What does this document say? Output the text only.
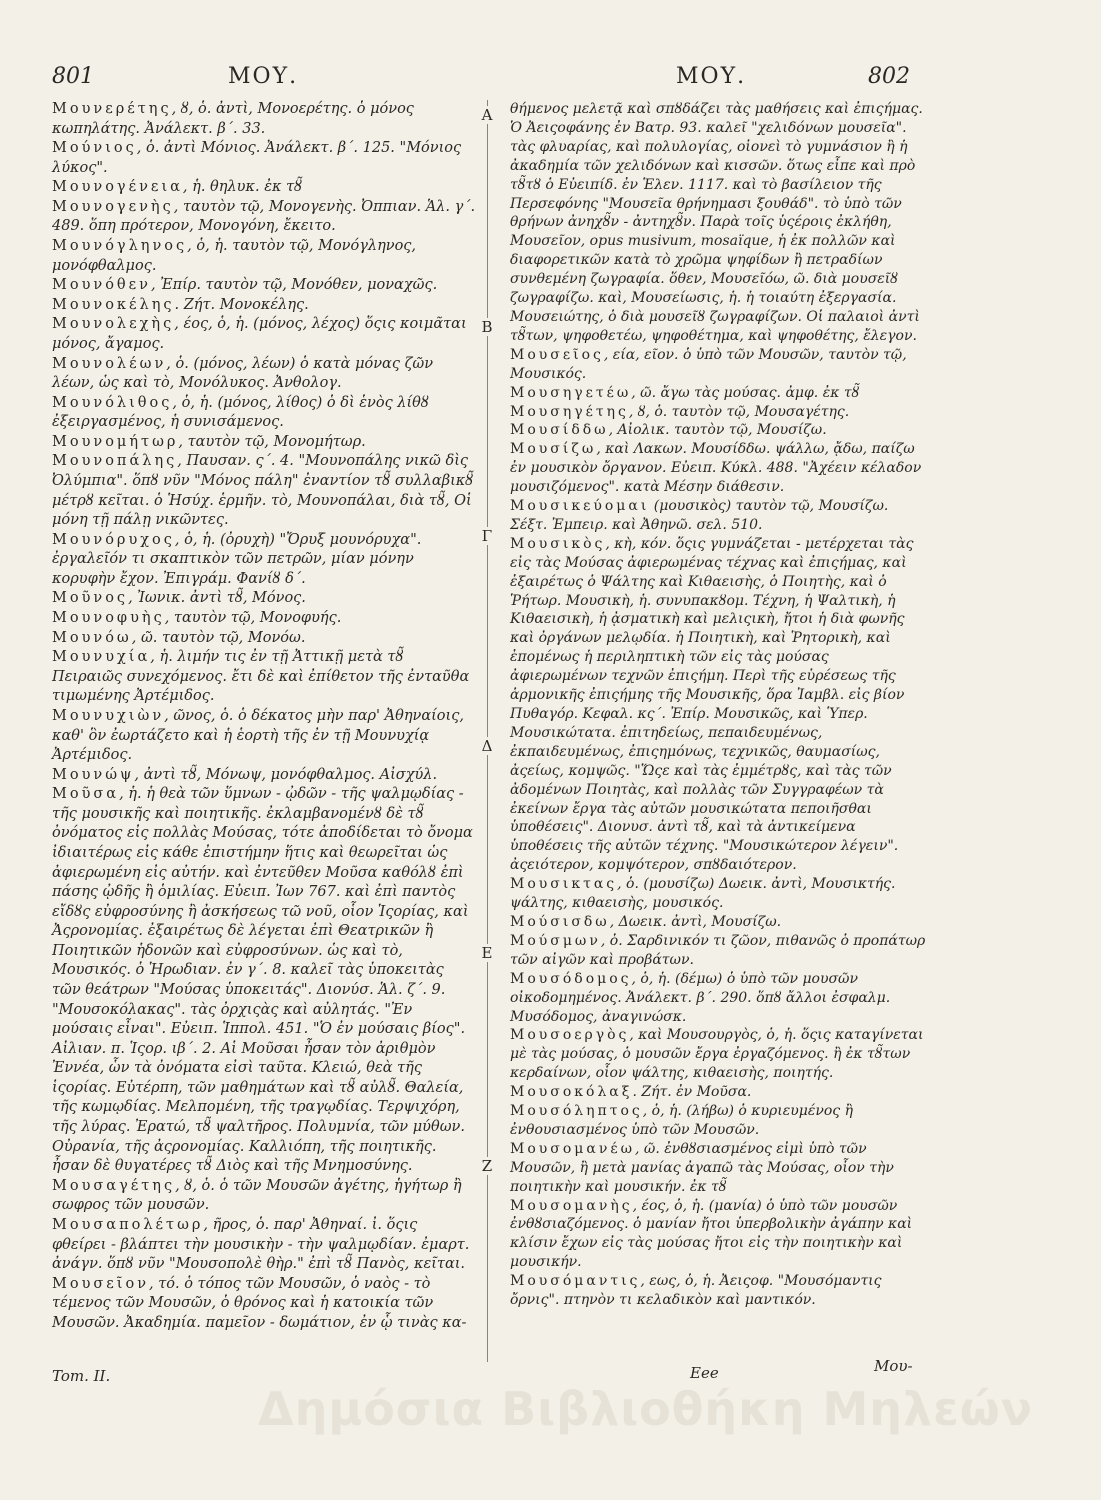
801	ΜΟΥ.	ΜΟΥ.	802

Μουνερέτης, ȣ, ὁ. ἀντὶ, Μονοερέτης. ὁ μόνος κωπηλάτης. Ἀνάλεκτ. β´. 33.

Μούνιος, ὁ. ἀντὶ Μόνιος. Ἀνάλεκτ. β´. 125. "Μόνιος λύκος".

Μουνογένεια, ἡ. θηλυκ. ἐκ τȣ̃

Μουνογενὴς, ταυτὸν τῷ, Μονογενὴς. Ὀππιαν. Ἁλ. γ´. 489. ὅπη πρότερον, Μονογόνη, ἔκειτο.

Μουνόγληνος, ὁ, ἡ. ταυτὸν τῷ, Μονόγληνος, μονόφθαλμος.

Μουνόθεν, Ἐπίρ. ταυτὸν τῷ, Μονόθεν, μοναχῶς.

Μουνοκέλης. Ζήτ. Μονοκέλης.

Μουνολεχὴς, έος, ὁ, ἡ. (μόνος, λέχος) ὅςις κοιμᾶται μόνος, ἄγαμος.

Μουνολέων, ὁ. (μόνος, λέων) ὁ κατὰ μόνας ζῶν λέων, ὡς καὶ τὸ, Μονόλυκος. Ἀνθολογ.

Μουνόλιθος, ὁ, ἡ. (μόνος, λίθος) ὁ δὶ ἑνὸς λίθȣ ἐξειργασμένος, ἡ συνισάμενος.

Μουνομήτωρ, ταυτὸν τῷ, Μονομήτωρ.

Μουνοπάλης, Παυσαν. ς´. 4. "Μουνοπάλης νικῶ δὶς Ὀλύμπια". ὅπȣ νῦν "Μόνος πάλη" ἐναντίον τȣ̃ συλλαβικȣ̃ μέτρȣ κεῖται. ὁ Ἡσύχ. ἑρμῆν. τὸ, Μουνοπάλαι, διὰ τȣ̃, Οἱ μόνη τῇ πάλῃ νικῶντες.

Μουνόρυχος, ὁ, ἡ. (ὀρυχὴ) "Ὄρυξ μουνόρυχα". ἐργαλεῖόν τι σκαπτικὸν τῶν πετρῶν, μίαν μόνην κορυφὴν ἔχον. Ἐπιγράμ. Φανίȣ δ´.

Μοῦνος, Ἰωνικ. ἀντὶ τȣ̃, Μόνος.

Μουνοφυὴς, ταυτὸν τῷ, Μονοφυής.

Μουνόω, ῶ. ταυτὸν τῷ, Μονόω.

Μουνυχία, ἡ. λιμήν τις ἐν τῇ Ἀττικῇ μετὰ τȣ̃ Πειραιῶς συνεχόμενος. ἔτι δὲ καὶ ἐπίθετον τῆς ἐνταῦθα τιμωμένης Ἀρτέμιδος.

Μουνυχιὼν, ῶνος, ὁ. ὁ δέκατος μὴν παρ' Ἀθηναίοις, καθ' ὃν ἐωρτάζετο καὶ ἡ ἑορτὴ τῆς ἐν τῇ Μουνυχίᾳ Ἀρτέμιδος.

Μουνώψ, ἀντὶ τȣ̃, Μόνωψ, μονόφθαλμος. Αἰσχύλ.

Μοῦσα, ἡ. ἡ θεὰ τῶν ὕμνων - ᾠδῶν - τῆς ψαλμῳδίας - τῆς μουσικῆς καὶ ποιητικῆς. ἐκλαμβανομένȣ δὲ τȣ̃ ὀνόματος εἰς πολλὰς Μούσας, τότε ἀποδίδεται τὸ ὄνομα ἰδιαιτέρως εἰς κάθε ἐπιστήμην ἥτις καὶ θεωρεῖται ὡς ἀφιερωμένη εἰς αὐτήν. καὶ ἐντεῦθεν Μοῦσα καθόλȣ ἐπὶ πάσης ᾠδῆς ἢ ὁμιλίας. Εὐειπ. Ἰων 767. καὶ ἐπὶ παντὸς εἴδȣς εὐφροσύνης ἢ ἀσκήσεως τῶ νοῦ, οἷον Ἱςορίας, καὶ Ἀςρονομίας. ἐξαιρέτως δὲ λέγεται ἐπὶ Θεατρικῶν ἢ Ποιητικῶν ἡδονῶν καὶ εὐφροσύνων. ὡς καὶ τὸ, Μουσικός. ὁ Ἡρωδιαν. ἐν γ´. 8. καλεῖ τὰς ὑποκειτὰς τῶν θεάτρων "Μούσας ὑποκειτάς". Διονύσ. Ἁλ. ζ´. 9. "Μουσοκόλακας". τὰς ὀρχιςὰς καὶ αὐλητάς. "Ἐν μούσαις εἶναι". Εὐειπ. Ἱππολ. 451. "Ὁ ἐν μούσαις βίος". Αἰλιαν. π. Ἱςορ. ιβ´. 2. Αἱ Μοῦσαι ἦσαν τὸν ἀριθμὸν Ἐννέα, ὧν τὰ ὀνόματα εἰσὶ ταῦτα. Κλειώ, θεὰ τῆς ἱςορίας. Εὐτέρπη, τῶν μαθημάτων καὶ τȣ̃ αὐλȣ̃. Θαλεία, τῆς κωμῳδίας. Μελπομένη, τῆς τραγῳδίας. Τερψιχόρη, τῆς λύρας. Ἐρατώ, τȣ̃ ψαλτῆρος. Πολυμνία, τῶν μύθων. Οὐρανία, τῆς ἀςρονομίας. Καλλιόπη, τῆς ποιητικῆς. ἦσαν δὲ θυγατέρες τȣ̃ Διὸς καὶ τῆς Μνημοσύνης.

Μουσαγέτης, ȣ, ὁ. ὁ τῶν Μουσῶν ἀγέτης, ἡγήτωρ ἢ σωφρος τῶν μουσῶν.

Μουσαπολέτωρ, ῆρος, ὁ. παρ' Ἀθηναί. ἰ. ὅςις φθείρει - βλάπτει τὴν μουσικὴν - τὴν ψαλμῳδίαν. ἐμαρτ. ἀνάγν. ὅπȣ νῦν "Μουσοπολὲ θὴρ." ἐπὶ τȣ̃ Πανὸς, κεῖται.

Μουσεῖον, τό. ὁ τόπος τῶν Μουσῶν, ὁ ναὸς - τὸ τέμενος τῶν Μουσῶν, ὁ θρόνος καὶ ἡ κατοικία τῶν Μουσῶν. Ἀκαδημία. παμεῖον - δωμάτιον, ἐν ᾧ τινὰς κα-

θήμενος μελετᾷ καὶ σπȣδάζει τὰς μαθήσεις καὶ ἐπιςήμας. Ὁ Ἀειςοφάνης ἐν Βατρ. 93. καλεῖ "χελιδόνων μουσεῖα". τὰς φλυαρίας, καὶ πολυλογίας, οἱονεὶ τὸ γυμνάσιον ἢ ἡ ἀκαδημία τῶν χελιδόνων καὶ κισσῶν. ὅτως εἶπε καὶ πρὸ τȣ̃τȣ ὁ Εὐειπίδ. ἐν Ἑλεν. 1117. καὶ τὸ βασίλειον τῆς Περσεφόνης "Μουσεῖα θρήνημασι ξουθάδ". τὸ ὑπὸ τῶν θρήνων ἀνηχȣ̃ν - ἀντηχȣ̃ν. Παρὰ τοῖς ὑςέροις ἐκλήθη, Μουσεῖον, opus musivum, mosaïque, ἡ ἐκ πολλῶν καὶ διαφορετικῶν κατὰ τὸ χρῶμα ψηφίδων ἢ πετραδίων συνθεμένη ζωγραφία. ὅθεν, Μουσεῖόω, ῶ. διὰ μουσεῖȣ ζωγραφίζω. καὶ, Μουσείωσις, ἡ. ἡ τοιαύτη ἐξεργασία. Μουσειώτης, ὁ διὰ μουσεῖȣ ζωγραφίζων. Οἱ παλαιοὶ ἀντὶ τȣ̃των, ψηφοθετέω, ψηφοθέτημα, καὶ ψηφοθέτης, ἔλεγον.

Μουσεῖος, εία, εῖον. ὁ ὑπὸ τῶν Μουσῶν, ταυτὸν τῷ, Μουσικός.

Μουσηγετέω, ῶ. ἄγω τὰς μούσας. ἀμφ. ἐκ τȣ̃

Μουσηγέτης, ȣ, ὁ. ταυτὸν τῷ, Μουσαγέτης.

Μουσίδδω, Αἰολικ. ταυτὸν τῷ, Μουσίζω.

Μουσίζω, καὶ Λακων. Μουσίδδω. ψάλλω, ᾄδω, παίζω ἐν μουσικὸν ὄργανον. Εὐειπ. Κύκλ. 488. "Ἀχέειν κέλαδον μουσιζόμενος". κατὰ Μέσην διάθεσιν.

Μουσικεύομαι (μουσικὸς) ταυτὸν τῷ, Μουσίζω. Σέξτ. Ἐμπειρ. καὶ Ἀθηνῶ. σελ. 510.

Μουσικὸς, κὴ, κόν. ὅςις γυμνάζεται - μετέρχεται τὰς εἰς τὰς Μούσας ἀφιερωμένας τέχνας καὶ ἐπιςήμας, καὶ ἐξαιρέτως ὁ Ψάλτης καὶ Κιθαεισὴς, ὁ Ποιητὴς, καὶ ὁ Ῥήτωρ. Μουσικὴ, ἡ. συνυπακȣομ. Τέχνη, ἡ Ψαλτικὴ, ἡ Κιθαεισικὴ, ἡ ᾀσματικὴ καὶ μελιςικὴ, ἤτοι ἡ διὰ φωνῆς καὶ ὀργάνων μελῳδία. ἡ Ποιητικὴ, καὶ Ῥητορικὴ, καὶ ἑπομένως ἡ περιληπτικὴ τῶν εἰς τὰς μούσας ἀφιερωμένων τεχνῶν ἐπιςήμη. Περὶ τῆς εὑρέσεως τῆς ἁρμονικῆς ἐπιςήμης τῆς Μουσικῆς, ὅρα Ἰαμβλ. εἰς βίον Πυθαγόρ. Κεφαλ. κς´. Ἐπίρ. Μουσικῶς, καὶ Ὑπερ. Μουσικώτατα. ἐπιτηδείως, πεπαιδευμένως, ἐκπαιδευμένως, ἐπιςημόνως, τεχνικῶς, θαυμασίως, ἀςείως, κομψῶς. "Ὥςε καὶ τὰς ἐμμέτρȣς, καὶ τὰς τῶν ἀδομένων Ποιητὰς, καὶ πολλὰς τῶν Συγγραφέων τὰ ἐκείνων ἔργα τὰς αὐτῶν μουσικώτατα πεποιῆσθαι ὑποθέσεις". Διονυσ. ἀντὶ τȣ̃, καὶ τὰ ἀντικείμενα ὑποθέσεις τῆς αὐτῶν τέχνης. "Μουσικώτερον λέγειν". ἀςειότερον, κομψότερον, σπȣδαιότερον.

Μουσικτας, ὁ. (μουσίζω) Δωεικ. ἀντὶ, Μουσικτής. ψάλτης, κιθαεισὴς, μουσικός.

Μούσισδω, Δωεικ. ἀντὶ, Μουσίζω.

Μούσμων, ὁ. Σαρδινικόν τι ζῶον, πιθανῶς ὁ προπάτωρ τῶν αἰγῶν καὶ προβάτων.

Μουσόδομος, ὁ, ἡ. (δέμω) ὁ ὑπὸ τῶν μουσῶν οἰκοδομημένος. Ἀνάλεκτ. β´. 290. ὅπȣ ἄλλοι ἐσφαλμ. Μυσόδομος, ἀναγινώσκ.

Μουσοεργὸς, καὶ Μουσουργὸς, ὁ, ἡ. ὅςις καταγίνεται μὲ τὰς μούσας, ὁ μουσῶν ἔργα ἐργαζόμενος. ἢ ἐκ τȣ̃των κερδαίνων, οἷον ψάλτης, κιθαεισὴς, ποιητής.

Μουσοκόλαξ. Ζήτ. ἐν Μοῦσα.

Μουσόληπτος, ὁ, ἡ. (λήβω) ὁ κυριευμένος ἢ ἐνθουσιασμένος ὑπὸ τῶν Μουσῶν.

Μουσομανέω, ῶ. ἐνθȣσιασμένος εἰμὶ ὑπὸ τῶν Μουσῶν, ἢ μετὰ μανίας ἀγαπῶ τὰς Μούσας, οἷον τὴν ποιητικὴν καὶ μουσικήν. ἐκ τȣ̃

Μουσομανὴς, έος, ὁ, ἡ. (μανία) ὁ ὑπὸ τῶν μουσῶν ἐνθȣσιαζόμενος. ὁ μανίαν ἤτοι ὑπερβολικὴν ἀγάπην καὶ κλίσιν ἔχων εἰς τὰς μούσας ἤτοι εἰς τὴν ποιητικὴν καὶ μουσικήν.

Μουσόμαντις, εως, ὁ, ἡ. Ἀειςοφ. "Μουσόμαντις ὄρνις". πτηνὸν τι κελαδικὸν καὶ μαντικόν.

A
B
Γ
Δ
E
Z
Tom. II.	Eee	Μου-
Δημόσια Βιβλιοθήκη Μηλεών
